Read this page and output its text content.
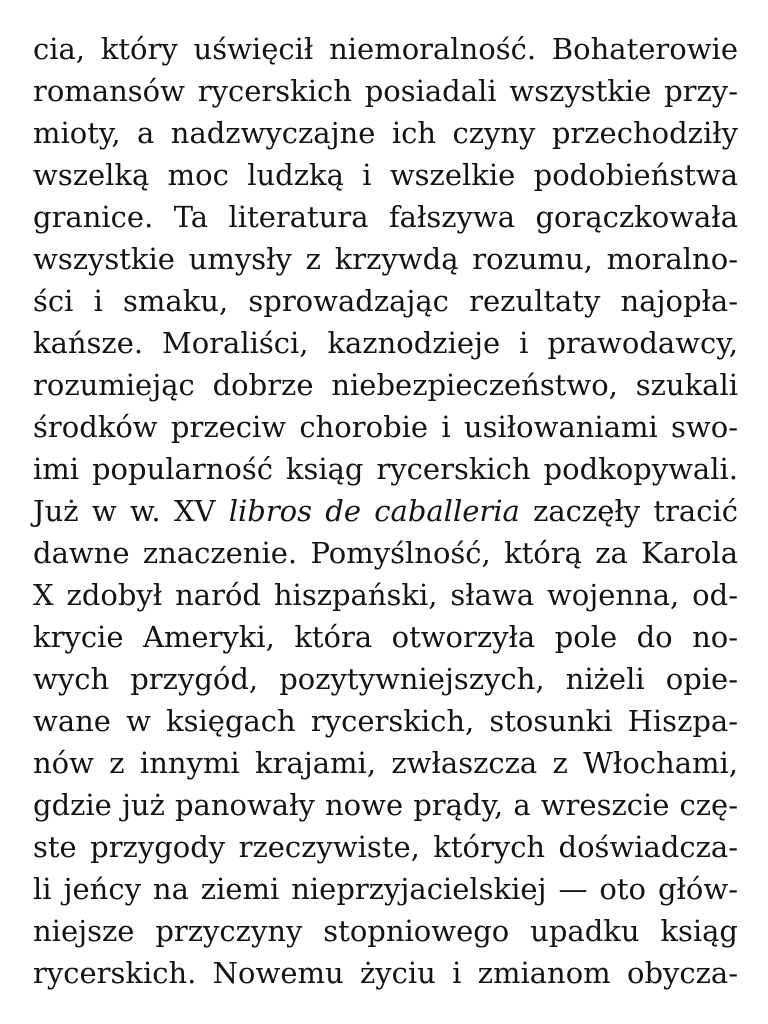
cia, który uświęcił niemoralność. Bohaterowie
romansów rycerskich posiadali wszystkie przy-
mioty, a nadzwyczajne ich czyny przechodziły
wszelką moc ludzką i wszelkie podobieństwa
granice. Ta literatura fałszywa gorączkowała
wszystkie umysły z krzywdą rozumu, moralno-
ści i smaku, sprowadzając rezultaty najopła-
kańsze. Moraliści, kaznodzieje i prawodawcy,
rozumiejąc dobrze niebezpieczeństwo, szukali
środków przeciw chorobie i usiłowaniami swo-
imi popularność ksiąg rycerskich podkopywali.
Już w w. XV libros de caballeria zaczęły tracić
dawne znaczenie. Pomyślność, którą za Karola
X zdobył naród hiszpański, sława wojenna, od-
krycie Ameryki, która otworzyła pole do no-
wych przygód, pozytywniejszych, niżeli opie-
wane w księgach rycerskich, stosunki Hiszpa-
nów z innymi krajami, zwłaszcza z Włochami,
gdzie już panowały nowe prądy, a wreszcie czę-
ste przygody rzeczywiste, których doświadcza-
li jeńcy na ziemi nieprzyjacielskiej — oto głów-
niejsze przyczyny stopniowego upadku ksiąg
rycerskich. Nowemu życiu i zmianom obycza-
